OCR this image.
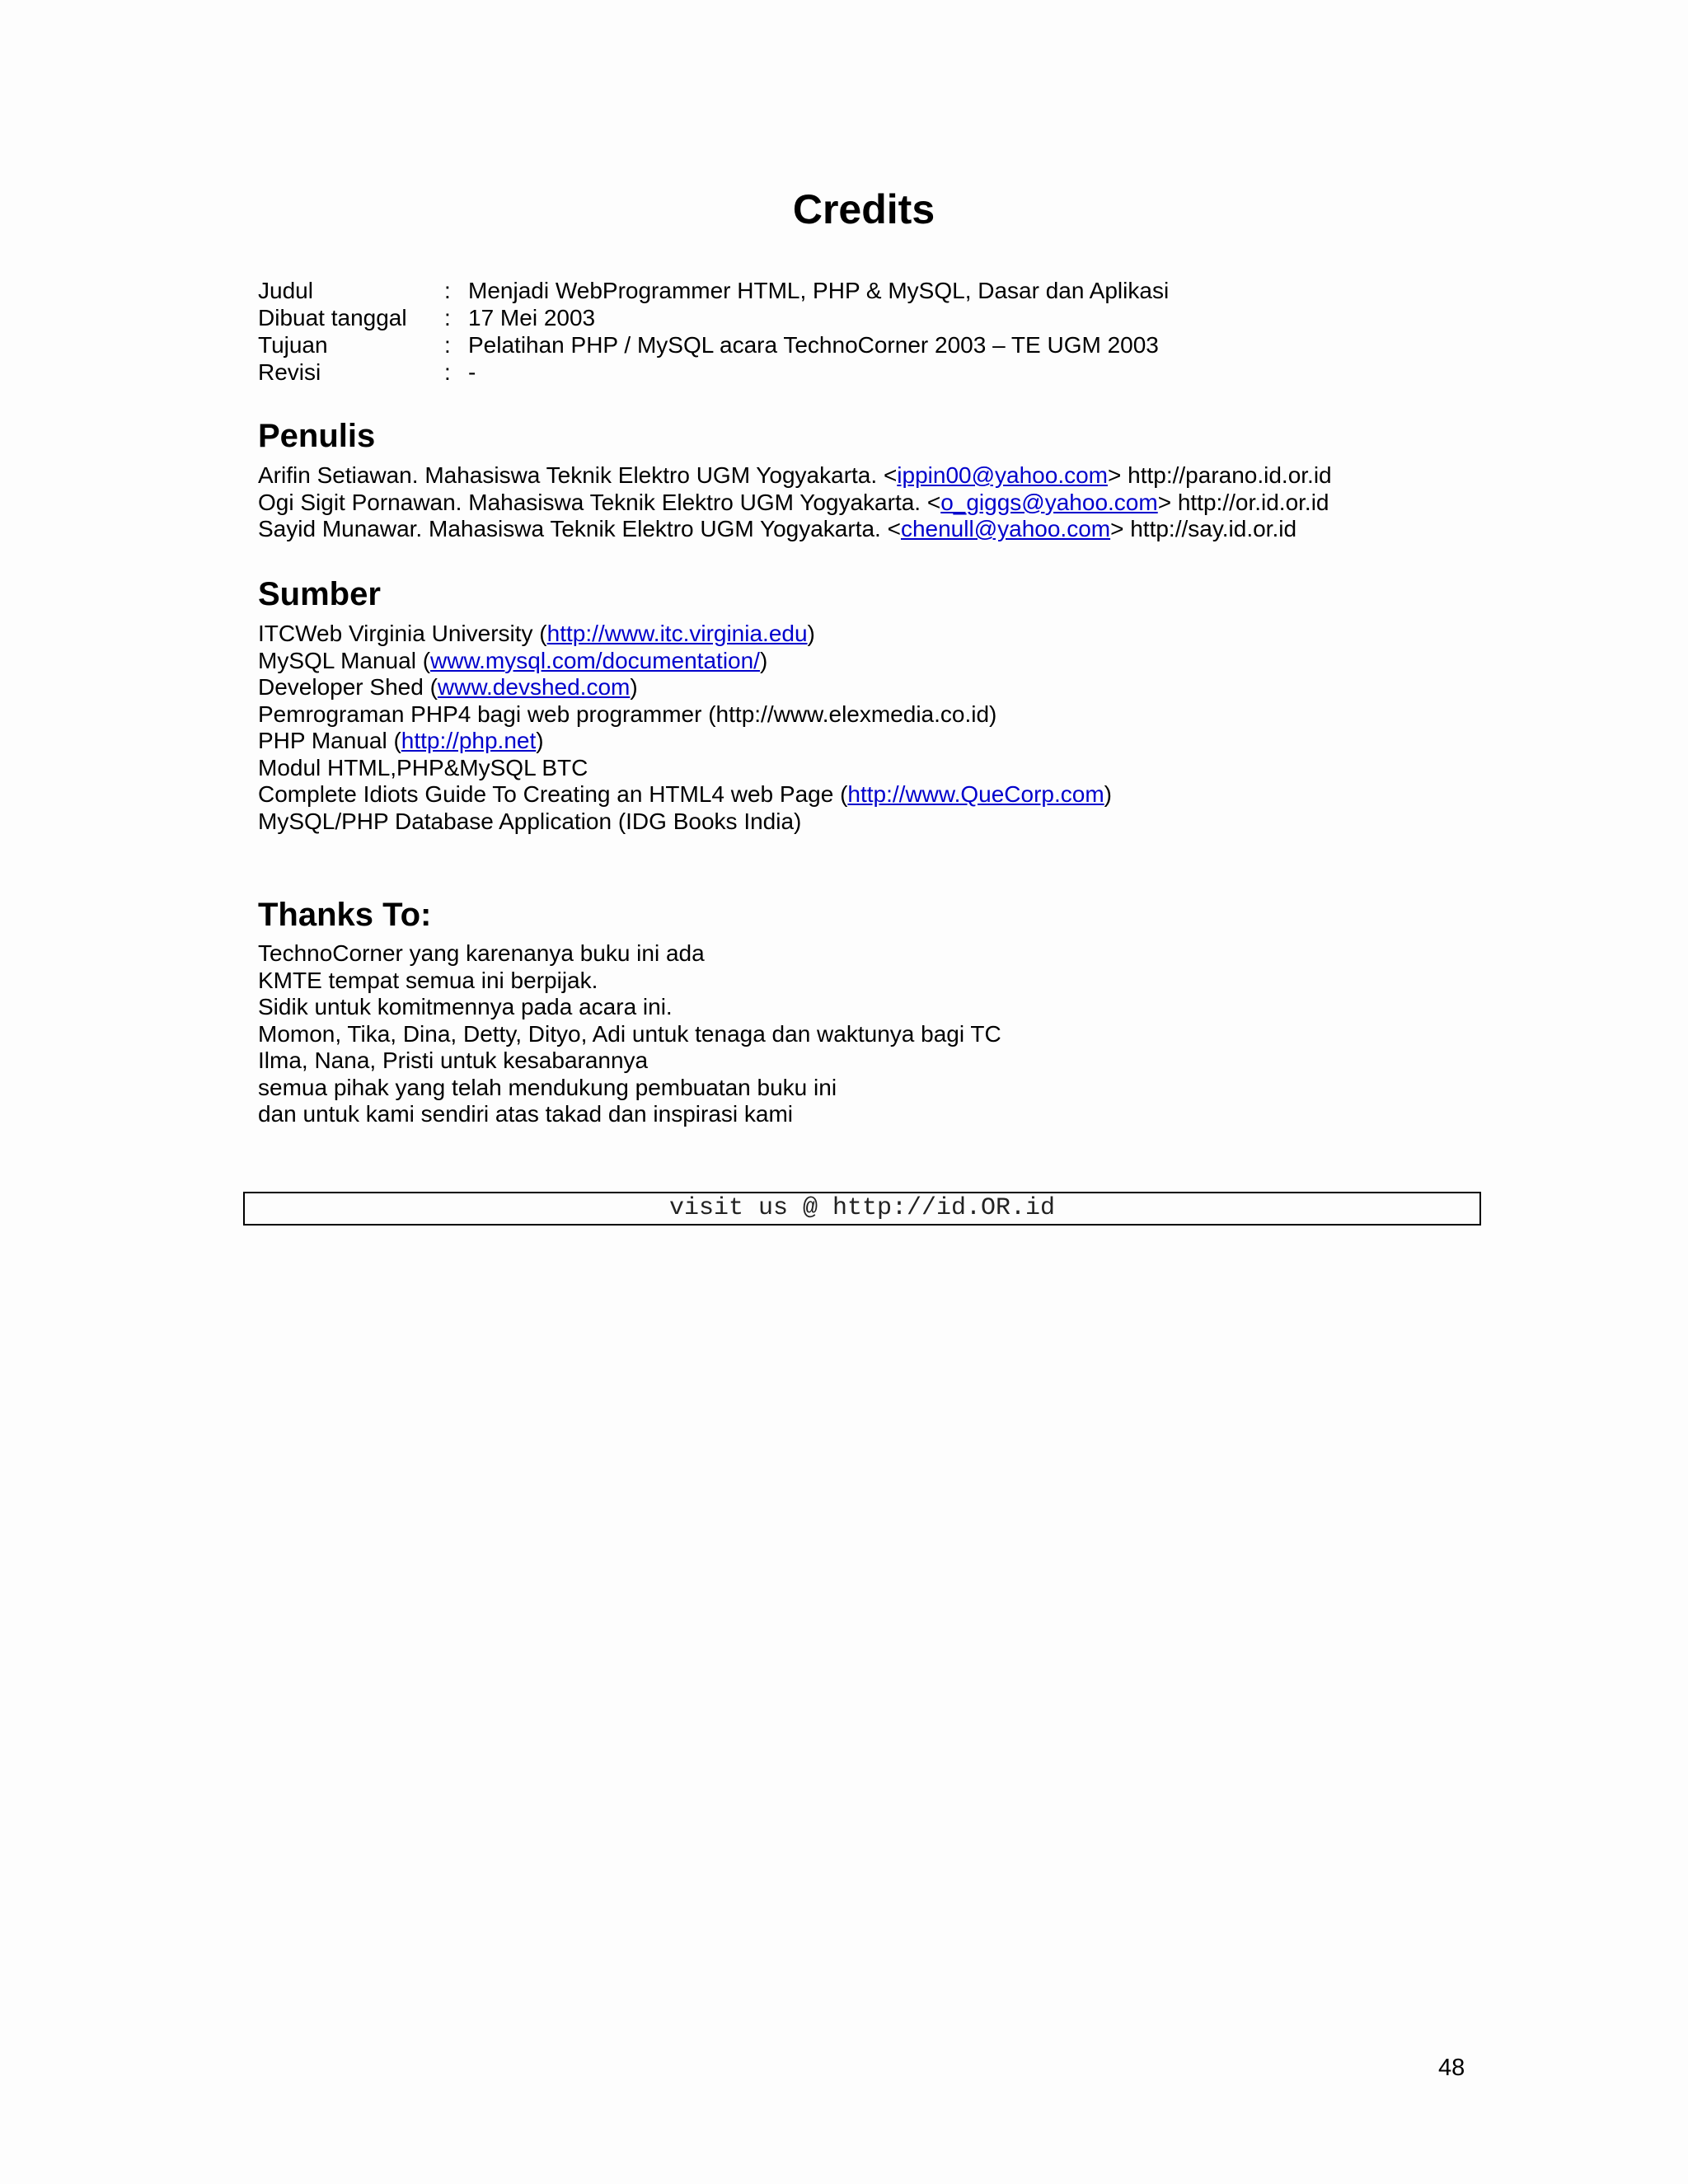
Credits
Judul	: Menjadi WebProgrammer HTML, PHP & MySQL, Dasar dan Aplikasi
Dibuat tanggal	: 17 Mei 2003
Tujuan	: Pelatihan PHP / MySQL acara TechnoCorner 2003 – TE UGM 2003
Revisi	: -
Penulis
Arifin Setiawan. Mahasiswa Teknik Elektro UGM Yogyakarta. <ippin00@yahoo.com> http://parano.id.or.id
Ogi Sigit Pornawan. Mahasiswa Teknik Elektro UGM Yogyakarta. <o_giggs@yahoo.com> http://or.id.or.id
Sayid Munawar. Mahasiswa Teknik Elektro UGM Yogyakarta. <chenull@yahoo.com> http://say.id.or.id
Sumber
ITCWeb Virginia University (http://www.itc.virginia.edu)
MySQL Manual (www.mysql.com/documentation/)
Developer Shed (www.devshed.com)
Pemrograman PHP4 bagi web programmer (http://www.elexmedia.co.id)
PHP Manual (http://php.net)
Modul HTML,PHP&MySQL BTC
Complete Idiots Guide To Creating an HTML4 web Page (http://www.QueCorp.com)
MySQL/PHP Database Application (IDG Books India)
Thanks To:
TechnoCorner yang karenanya buku ini ada
KMTE tempat semua ini berpijak.
Sidik untuk komitmennya pada acara ini.
Momon, Tika, Dina, Detty, Dityo, Adi untuk tenaga dan waktunya bagi TC
Ilma, Nana, Pristi untuk kesabarannya
semua pihak yang telah mendukung pembuatan buku ini
dan untuk kami sendiri atas takad dan inspirasi kami
visit us @ http://id.OR.id
48
